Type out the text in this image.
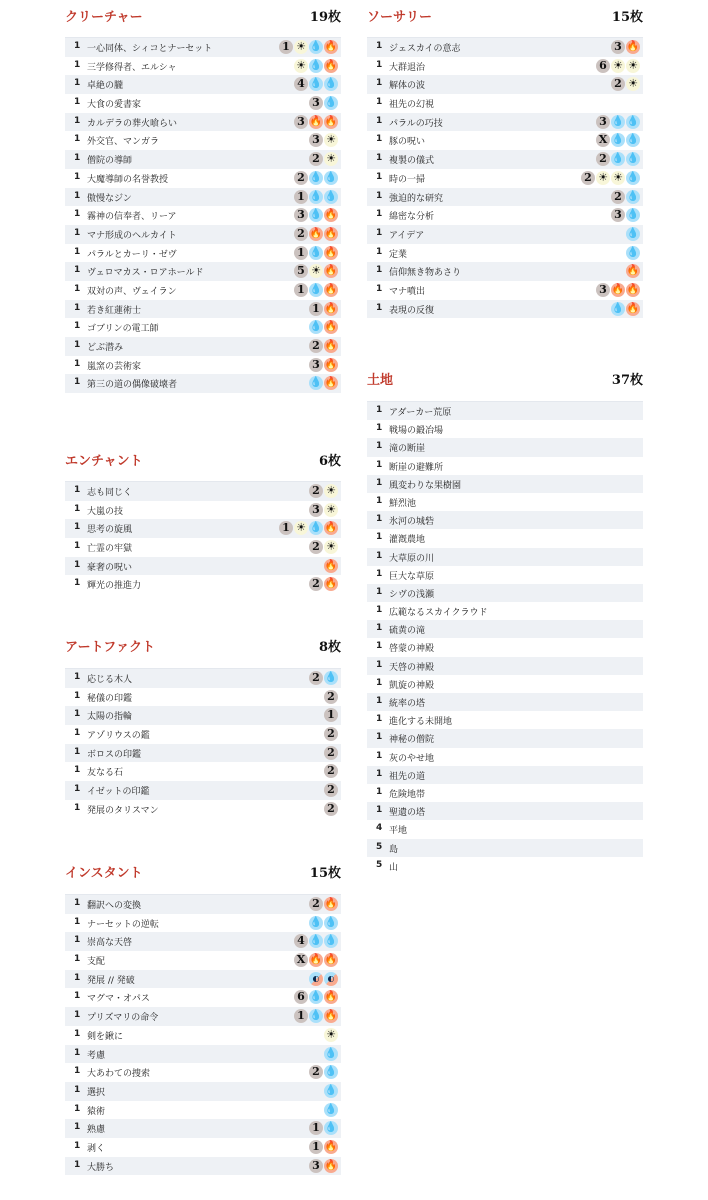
クリーチャー	19枚
1 一心同体、シィコとナーセット	1 ☀ 💧 🔥
1 三学修得者、エルシャ	☀ 💧 🔥
1 卓絶の朧	4 💧 💧
1 大食の愛書家	3 💧
1 カルデラの葬火喰らい	3 🔥 🔥
1 外交官、マンガラ	3 ☀
1 僧院の導師	2 ☀
1 大魔導師の名誉教授	2 💧 💧
1 傲慢なジン	1 💧 💧
1 霧神の信奉者、リーア	3 💧 🔥
1 マナ形成のヘルカイト	2 🔥 🔥
1 パラルとカーリ・ゼヴ	1 💧 🔥
1 ヴェロマカス・ロアホールド	5 ☀ 🔥
1 双対の声、ヴェイラン	1 💧 🔥
1 若き紅蓮術士	1 🔥
1 ゴブリンの電工師	💧 🔥
1 どぶ潜み	2 🔥
1 嵐窯の芸術家	3 🔥
1 第三の道の偶像破壊者	💧 🔥
エンチャント	6枚
1 志も同じく	2 ☀
1 大嵐の技	3 ☀
1 思考の旋風	1 ☀ 💧 🔥
1 亡霊の牢獄	2 ☀
1 豪奢の呪い	🔥
1 輝光の推進力	2 🔥
アートファクト	8枚
1 応じる木人	2 💧
1 秘儀の印鑑	2
1 太陽の指輪	1
1 アゾリウスの鑑	2
1 ボロスの印鑑	2
1 友なる石	2
1 イゼットの印鑑	2
1 発展のタリスマン	2
インスタント	15枚
1 翻訳への変換	2 🔥
1 ナーセットの逆転	💧 💧
1 崇高な天啓	4 💧 💧
1 支配	X 🔥 🔥
1 発展 // 発破	◐	◐
1 マグマ・オパス	6 💧 🔥
1 プリズマリの命令	1 💧 🔥
1 剣を鍬に	☀
1 考慮	💧
1 大あわての捜索	2 💧
1 選択	💧
1 猿術	💧
1 熟慮	1 💧
1 剥く	1 🔥
1 大勝ち	3 🔥
ソーサリー	15枚
1 ジェスカイの意志	3 🔥
1 大群退治	6 ☀ ☀
1 解体の波	2 ☀
1 祖先の幻視
1 パラルの巧技	3 💧 💧
1 豚の呪い	X 💧 💧
1 複製の儀式	2 💧 💧
1 時の一掃	2 ☀ ☀ 💧
1 強迫的な研究	2 💧
1 綿密な分析	3 💧
1 アイデア	💧
1 定業	💧
1 信仰無き物あさり	🔥
1 マナ噴出	3 🔥 🔥
1 表現の反復	💧 🔥
土地	37枚
1 アダーカー荒原
1 戦場の鍛冶場
1 滝の断崖
1 断崖の避難所
1 風変わりな果樹園
1 鮮烈池
1 氷河の城砦
1 灌漑農地
1 大草原の川
1 巨大な草原
1 シヴの浅瀬
1 広範なるスカイクラウド
1 硫黄の滝
1 啓蒙の神殿
1 天啓の神殿
1 凱旋の神殿
1 統率の塔
1 進化する未開地
1 神秘の僧院
1 灰のやせ地
1 祖先の道
1 危険地帯
1 聖遺の塔
4 平地
5 島
5 山
